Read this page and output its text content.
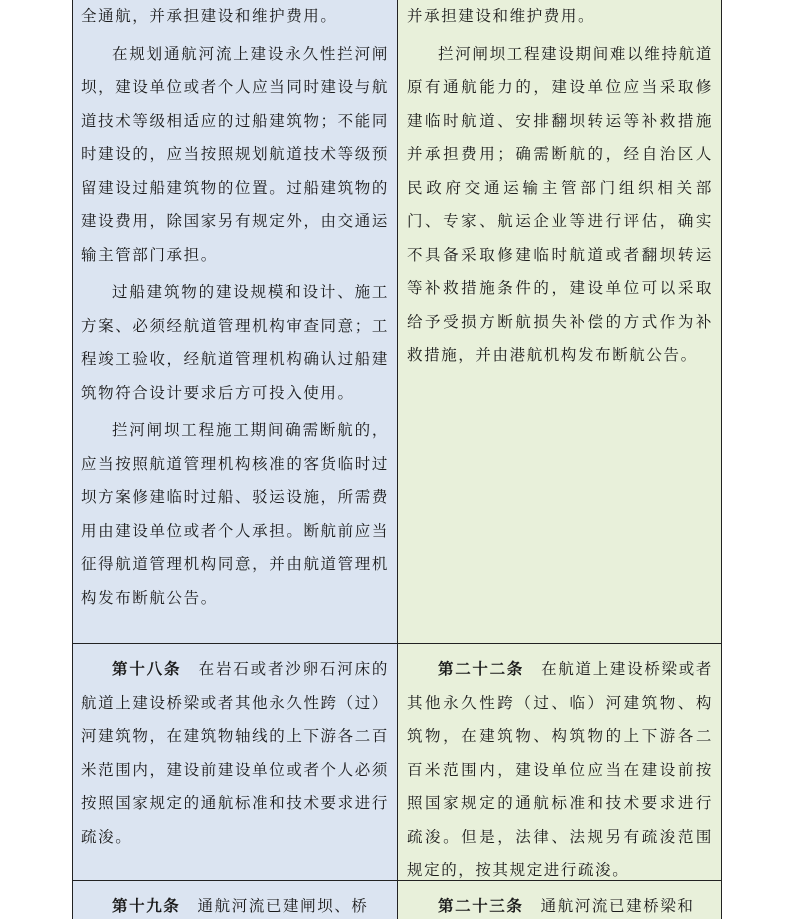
全通航，并承担建设和维护费用。

在规划通航河流上建设永久性拦河闸坝，建设单位或者个人应当同时建设与航道技术等级相适应的过船建筑物；不能同时建设的，应当按照规划航道技术等级预留建设过船建筑物的位置。过船建筑物的建设费用，除国家另有规定外，由交通运输主管部门承担。

过船建筑物的建设规模和设计、施工方案、必须经航道管理机构审查同意；工程竣工验收，经航道管理机构确认过船建筑物符合设计要求后方可投入使用。

拦河闸坝工程施工期间确需断航的，应当按照航道管理机构核准的客货临时过坝方案修建临时过船、驳运设施，所需费用由建设单位或者个人承担。断航前应当征得航道管理机构同意，并由航道管理机构发布断航公告。

并承担建设和维护费用。

拦河闸坝工程建设期间难以维持航道原有通航能力的，建设单位应当采取修建临时航道、安排翻坝转运等补救措施并承担费用；确需断航的，经自治区人民政府交通运输主管部门组织相关部门、专家、航运企业等进行评估，确实不具备采取修建临时航道或者翻坝转运等补救措施条件的，建设单位可以采取给予受损方断航损失补偿的方式作为补救措施，并由港航机构发布断航公告。

第十八条　 在岩石或者沙卵石河床的航道上建设桥梁或者其他永久性跨（过）河建筑物，在建筑物轴线的上下游各二百米范围内，建设前建设单位或者个人必须按照国家规定的通航标准和技术要求进行疏浚。

第二十二条　 在航道上建设桥梁或者其他永久性跨（过、临）河建筑物、构筑物，在建筑物、构筑物的上下游各二百米范围内，建设单位应当在建设前按照国家规定的通航标准和技术要求进行疏浚。但是，法律、法规另有疏浚范围规定的，按其规定进行疏浚。

第十九条　 通航河流已建闸坝、桥	第二十三条　 通航河流已建桥梁和
